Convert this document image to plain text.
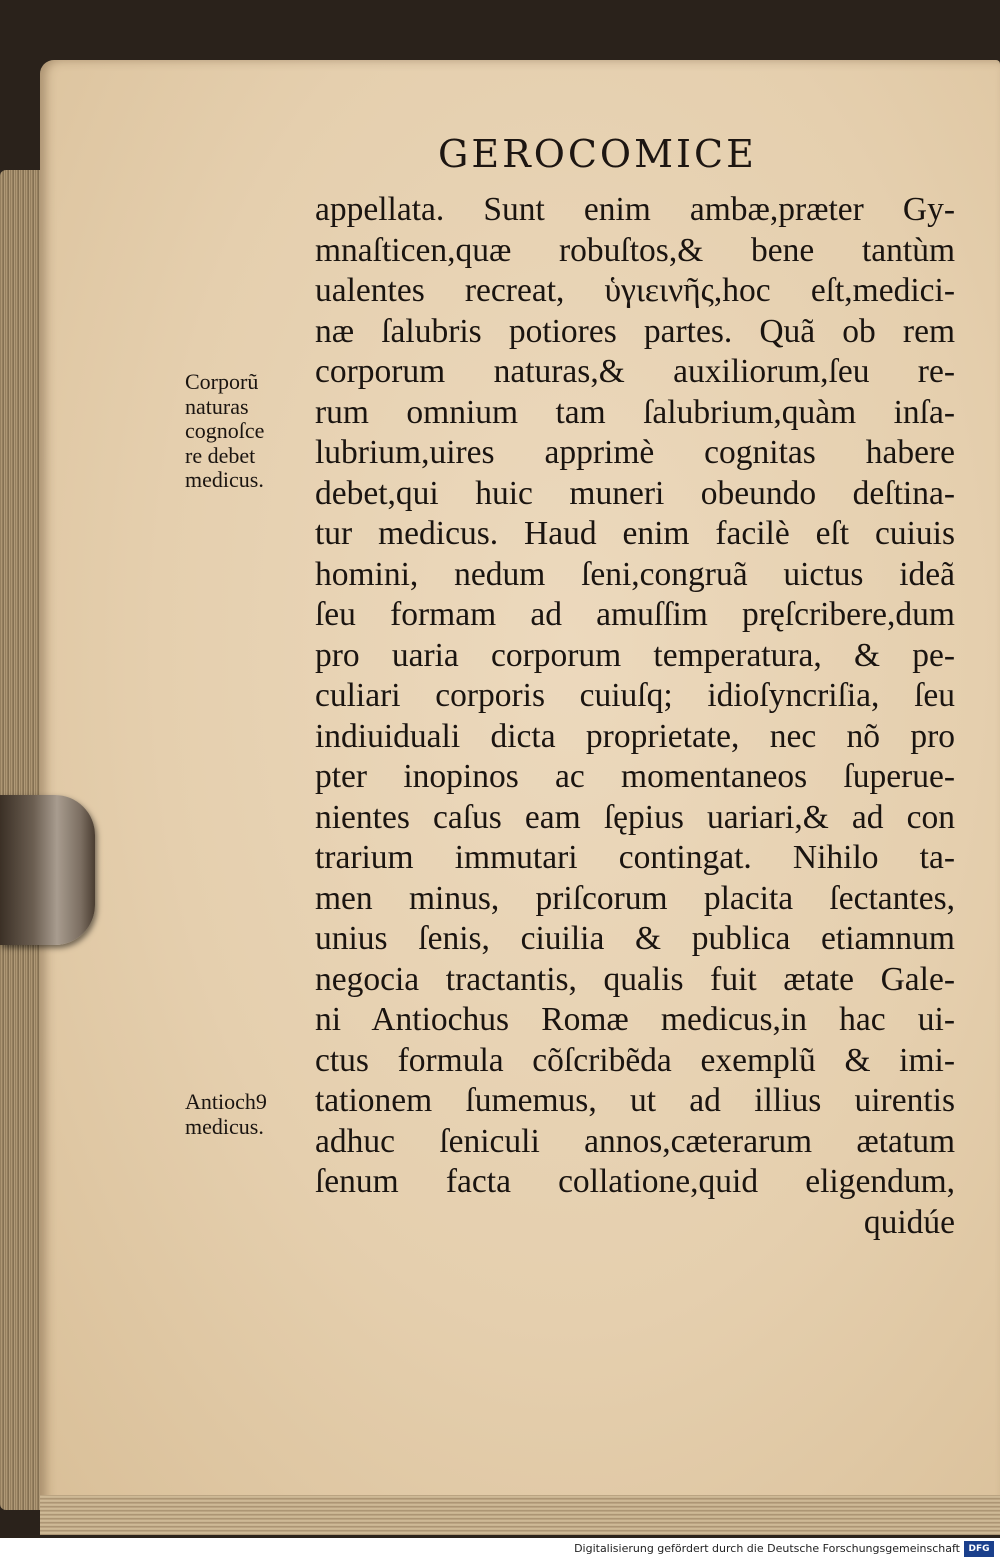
GEROCOMICE
appellata. Sunt enim ambæ,præter Gy-
mnaſticen,quæ robuſtos,& bene tantùm
ualentes recreat, ὑγιεινῆς,hoc eſt,medici-
næ ſalubris potiores partes. Quã ob rem
corporum naturas,& auxiliorum,ſeu re-
rum omnium tam ſalubrium,quàm inſa-
lubrium,uires apprimè cognitas habere
debet,qui huic muneri obeundo deſtina-
tur medicus. Haud enim facilè eſt cuiuis
homini, nedum ſeni,congruã uictus ideã
ſeu formam ad amuſſim pręſcribere,dum
pro uaria corporum temperatura, & pe-
culiari corporis cuiuſq; idioſyncriſia, ſeu
indiuiduali dicta proprietate, nec nõ pro
pter inopinos ac momentaneos ſuperue-
nientes caſus eam ſępius uariari,& ad con
trarium immutari contingat. Nihilo ta-
men minus, priſcorum placita ſectantes,
unius ſenis, ciuilia & publica etiamnum
negocia tractantis, qualis fuit ætate Gale-
ni Antiochus Romæ medicus,in hac ui-
ctus formula cõſcribẽda exemplũ & imi-
tationem ſumemus, ut ad illius uirentis
adhuc ſeniculi annos,cæterarum ætatum
ſenum facta collatione,quid eligendum,
quidúe
Corporũ
naturas
cognoſce
re debet
medicus.
Antioch9
medicus.
Digitalisierung gefördert durch die Deutsche Forschungsgemeinschaft DFG
